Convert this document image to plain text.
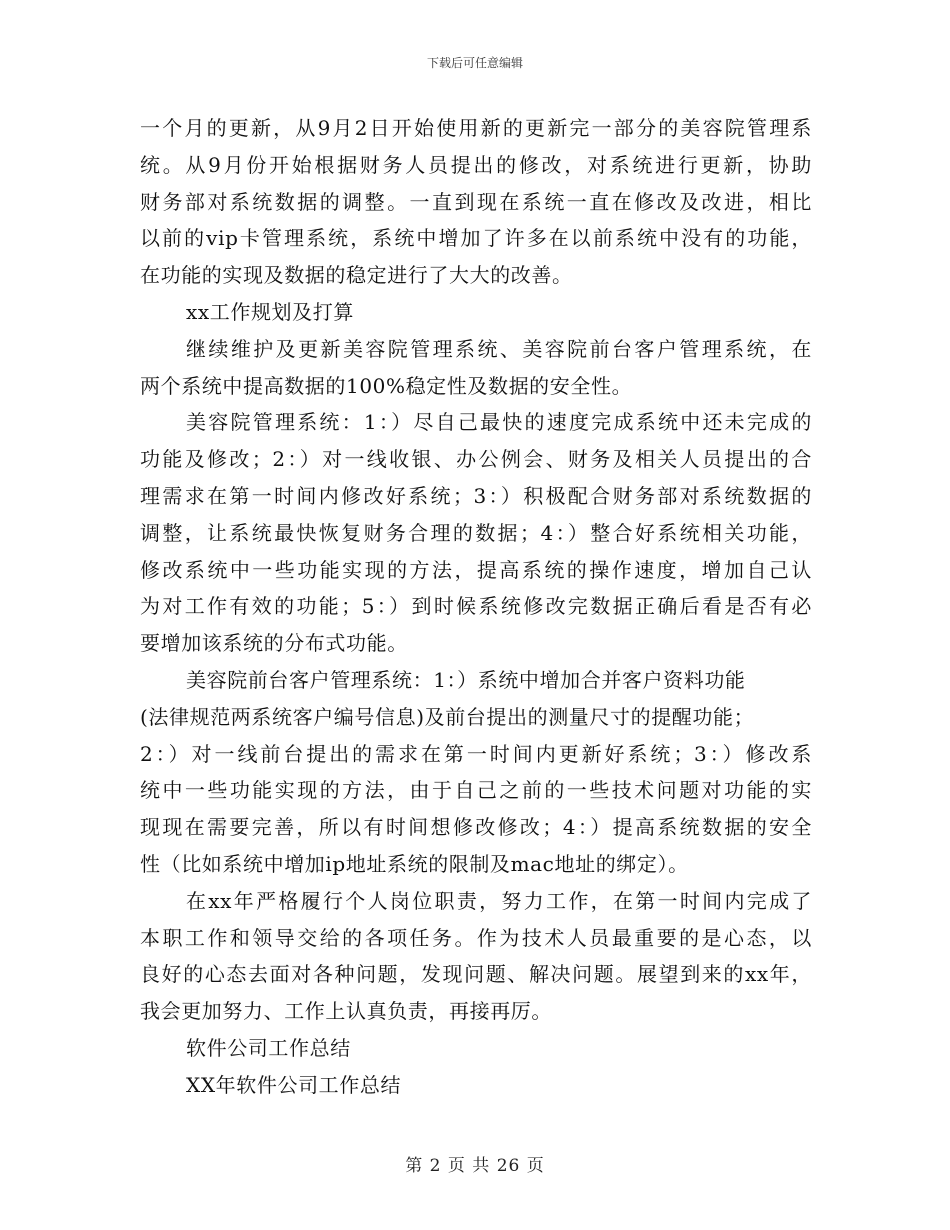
下载后可任意编辑
一个月的更新，从9月2日开始使用新的更新完一部分的美容院管理系
统。从9月份开始根据财务人员提出的修改，对系统进行更新，协助
财务部对系统数据的调整。一直到现在系统一直在修改及改进，相比
以前的vip卡管理系统，系统中增加了许多在以前系统中没有的功能，
在功能的实现及数据的稳定进行了大大的改善。
xx工作规划及打算
继续维护及更新美容院管理系统、美容院前台客户管理系统，在
两个系统中提高数据的100%稳定性及数据的安全性。
美容院管理系统：1：）尽自己最快的速度完成系统中还未完成的
功能及修改；2：）对一线收银、办公例会、财务及相关人员提出的合
理需求在第一时间内修改好系统；3：）积极配合财务部对系统数据的
调整，让系统最快恢复财务合理的数据；4：）整合好系统相关功能，
修改系统中一些功能实现的方法，提高系统的操作速度，增加自己认
为对工作有效的功能；5：）到时候系统修改完数据正确后看是否有必
要增加该系统的分布式功能。
美容院前台客户管理系统：1：）系统中增加合并客户资料功能
(法律规范两系统客户编号信息)及前台提出的测量尺寸的提醒功能；
2：）对一线前台提出的需求在第一时间内更新好系统；3：）修改系
统中一些功能实现的方法，由于自己之前的一些技术问题对功能的实
现现在需要完善，所以有时间想修改修改；4：）提高系统数据的安全
性（比如系统中增加ip地址系统的限制及mac地址的绑定）。
在xx年严格履行个人岗位职责，努力工作，在第一时间内完成了
本职工作和领导交给的各项任务。作为技术人员最重要的是心态，以
良好的心态去面对各种问题，发现问题、解决问题。展望到来的xx年，
我会更加努力、工作上认真负责，再接再厉。
软件公司工作总结
XX年软件公司工作总结
第 2 页 共 26 页
